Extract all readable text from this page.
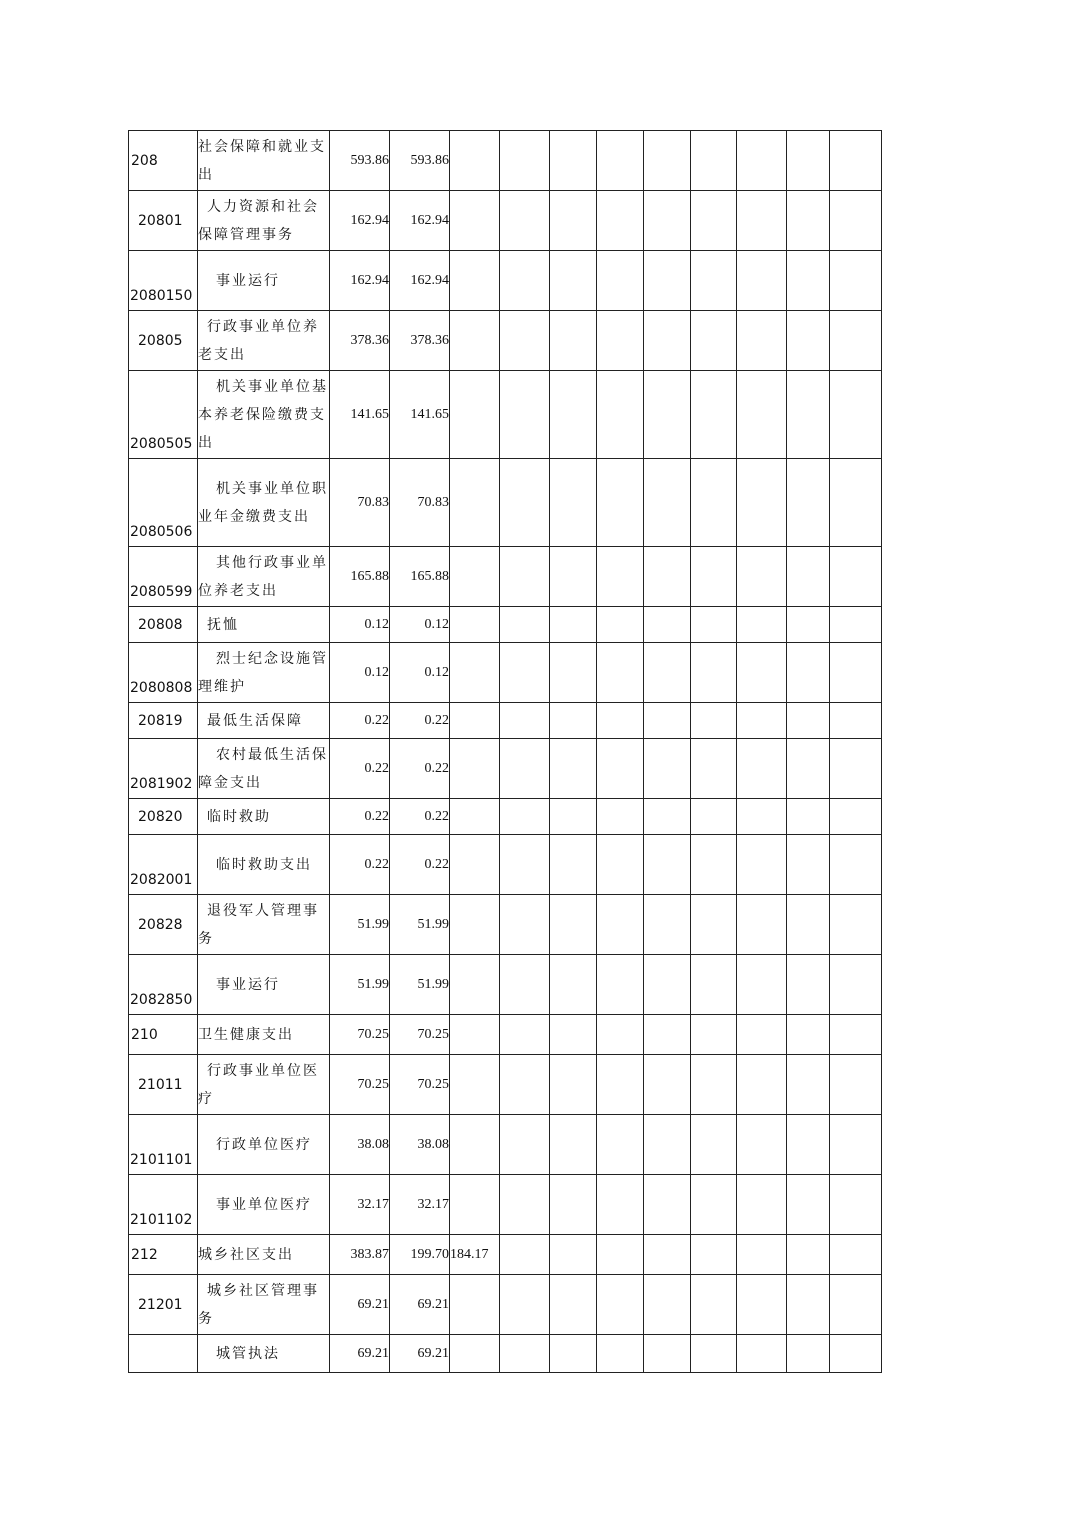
208	社会保障和就业支出	593.86	593.86									

20801	人力资源和社会保障管理事务	162.94	162.94									

2080150	事业运行	162.94	162.94									

20805	行政事业单位养老支出	378.36	378.36									

2080505	机关事业单位基本养老保险缴费支出	141.65	141.65									

2080506	机关事业单位职业年金缴费支出	70.83	70.83									

2080599	其他行政事业单位养老支出	165.88	165.88									

20808	抚恤	0.12	0.12									

2080808	烈士纪念设施管理维护	0.12	0.12									

20819	最低生活保障	0.22	0.22									

2081902	农村最低生活保障金支出	0.22	0.22									

20820	临时救助	0.22	0.22									

2082001	临时救助支出	0.22	0.22									

20828	退役军人管理事务	51.99	51.99									

2082850	事业运行	51.99	51.99									

210	卫生健康支出	70.25	70.25									

21011	行政事业单位医疗	70.25	70.25									

2101101	行政单位医疗	38.08	38.08									

2101102	事业单位医疗	32.17	32.17									

212	城乡社区支出	383.87	199.70	184.17								

21201	城乡社区管理事务	69.21	69.21									

	城管执法	69.21	69.21									
